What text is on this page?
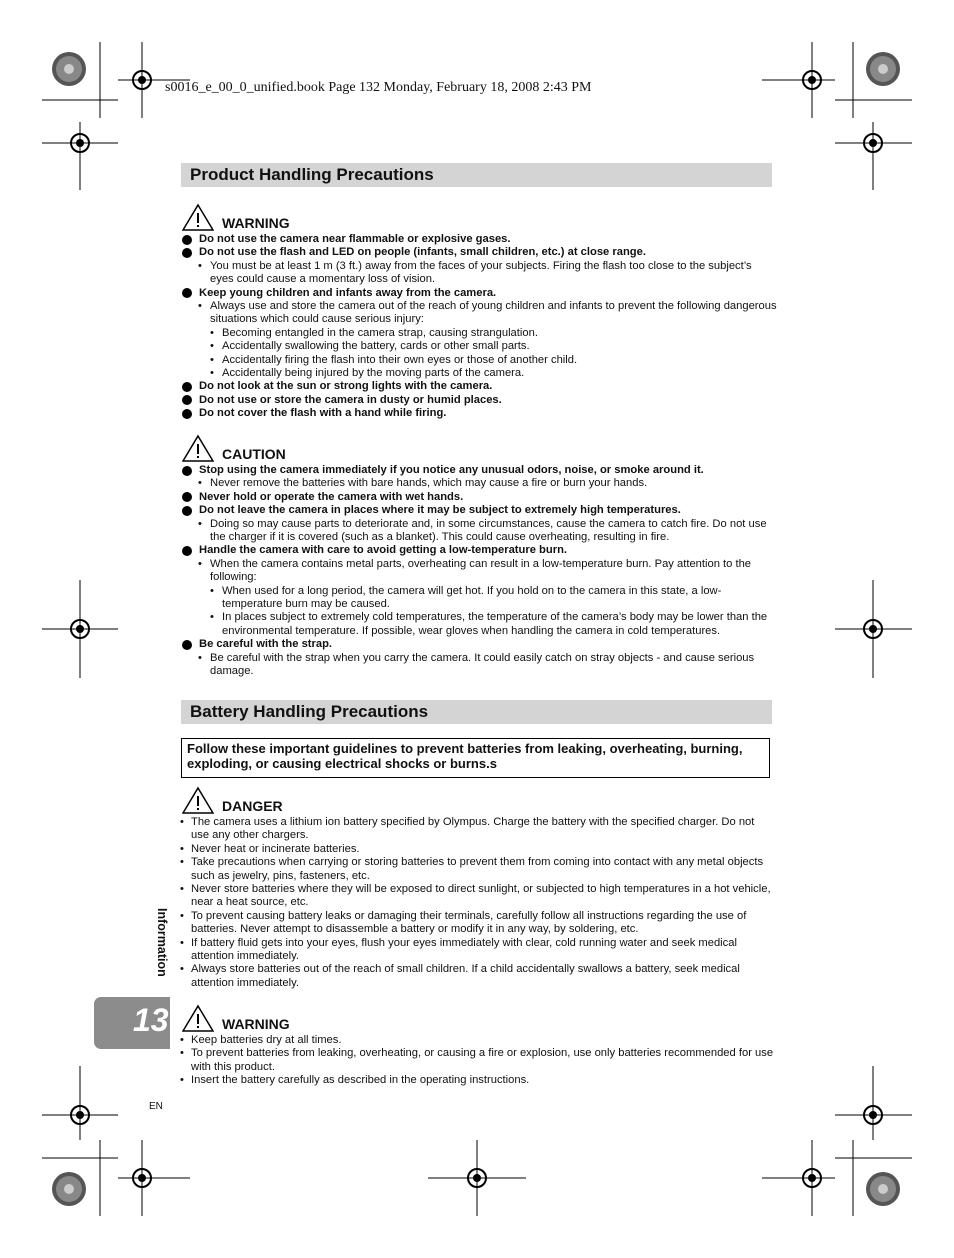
s0016_e_00_0_unified.book Page 132 Monday, February 18, 2008 2:43 PM
Product Handling Precautions
WARNING
Do not use the camera near flammable or explosive gases.
Do not use the flash and LED on people (infants, small children, etc.) at close range.
• You must be at least 1 m (3 ft.) away from the faces of your subjects. Firing the flash too close to the subject’s eyes could cause a momentary loss of vision.
Keep young children and infants away from the camera.
• Always use and store the camera out of the reach of young children and infants to prevent the following dangerous situations which could cause serious injury:
• Becoming entangled in the camera strap, causing strangulation.
• Accidentally swallowing the battery, cards or other small parts.
• Accidentally firing the flash into their own eyes or those of another child.
• Accidentally being injured by the moving parts of the camera.
Do not look at the sun or strong lights with the camera.
Do not use or store the camera in dusty or humid places.
Do not cover the flash with a hand while firing.
CAUTION
Stop using the camera immediately if you notice any unusual odors, noise, or smoke around it.
• Never remove the batteries with bare hands, which may cause a fire or burn your hands.
Never hold or operate the camera with wet hands.
Do not leave the camera in places where it may be subject to extremely high temperatures.
• Doing so may cause parts to deteriorate and, in some circumstances, cause the camera to catch fire. Do not use the charger if it is covered (such as a blanket). This could cause overheating, resulting in fire.
Handle the camera with care to avoid getting a low-temperature burn.
• When the camera contains metal parts, overheating can result in a low-temperature burn. Pay attention to the following:
• When used for a long period, the camera will get hot. If you hold on to the camera in this state, a low-temperature burn may be caused.
• In places subject to extremely cold temperatures, the temperature of the camera’s body may be lower than the environmental temperature. If possible, wear gloves when handling the camera in cold temperatures.
Be careful with the strap.
• Be careful with the strap when you carry the camera. It could easily catch on stray objects - and cause serious damage.
Battery Handling Precautions
Follow these important guidelines to prevent batteries from leaking, overheating, burning, exploding, or causing electrical shocks or burns.s
DANGER
• The camera uses a lithium ion battery specified by Olympus. Charge the battery with the specified charger. Do not use any other chargers.
• Never heat or incinerate batteries.
• Take precautions when carrying or storing batteries to prevent them from coming into contact with any metal objects such as jewelry, pins, fasteners, etc.
• Never store batteries where they will be exposed to direct sunlight, or subjected to high temperatures in a hot vehicle, near a heat source, etc.
• To prevent causing battery leaks or damaging their terminals, carefully follow all instructions regarding the use of batteries. Never attempt to disassemble a battery or modify it in any way, by soldering, etc.
• If battery fluid gets into your eyes, flush your eyes immediately with clear, cold running water and seek medical attention immediately.
• Always store batteries out of the reach of small children. If a child accidentally swallows a battery, seek medical attention immediately.
WARNING
• Keep batteries dry at all times.
• To prevent batteries from leaking, overheating, or causing a fire or explosion, use only batteries recommended for use with this product.
• Insert the battery carefully as described in the operating instructions.
Information
13
EN
